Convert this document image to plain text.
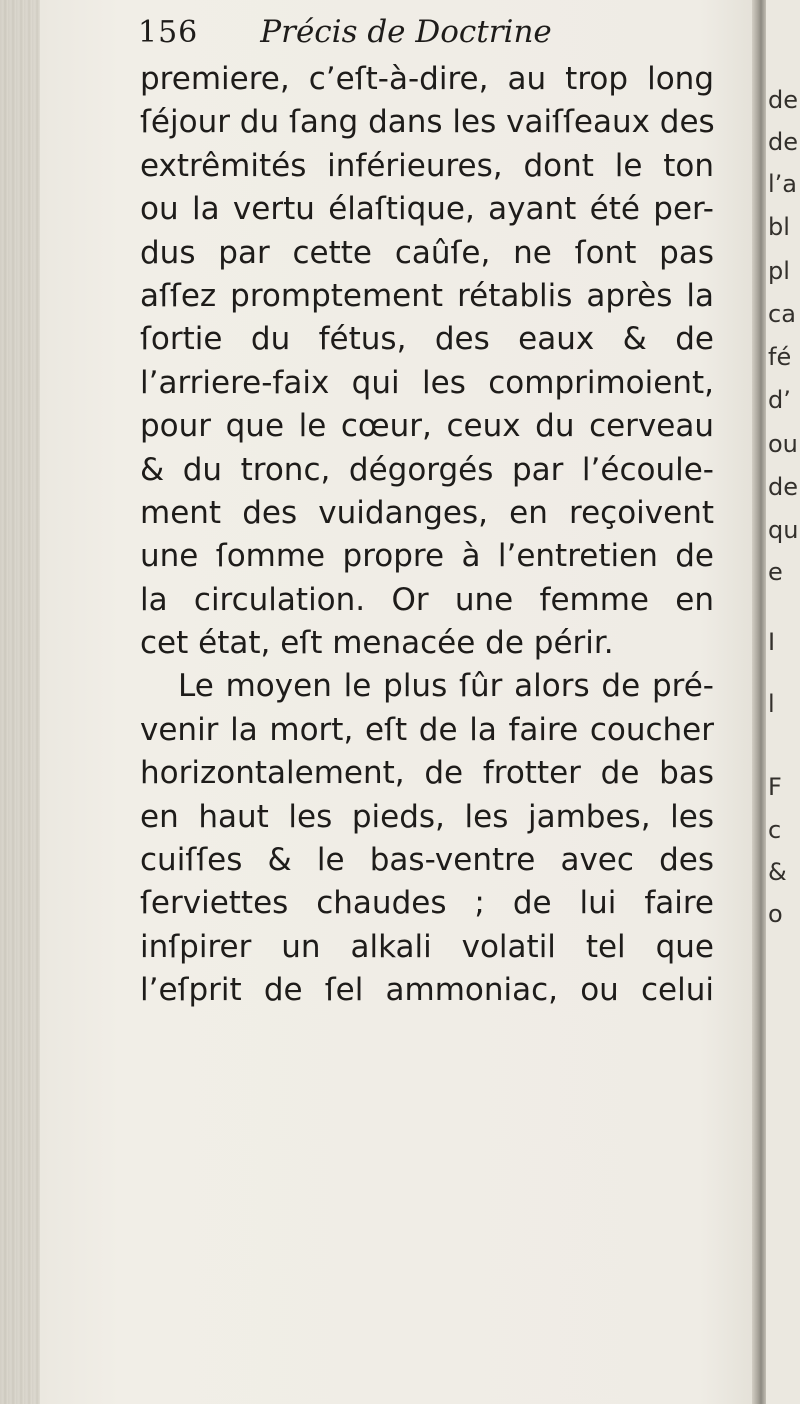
156 Précis de Doctrine
premiere, c’eſt-à-dire, au trop long
ſéjour du ſang dans les vaiſſeaux des
extrêmités inférieures, dont le ton
ou la vertu élaſtique, ayant été per-
dus par cette caûſe, ne ſont pas
aſſez promptement rétablis après la
ſortie du fétus, des eaux & de
l’arriere-faix qui les comprimoient,
pour que le cœur, ceux du cerveau
& du tronc, dégorgés par l’écoule-
ment des vuidanges, en reçoivent
une ſomme propre à l’entretien de
la circulation. Or une femme en
cet état, eſt menacée de périr.
Le moyen le plus ſûr alors de pré-
venir la mort, eſt de la faire coucher
horizontalement, de frotter de bas
en haut les pieds, les jambes, les
cuiſſes & le bas-ventre avec des
ſerviettes chaudes ; de lui faire
inſpirer un alkali volatil tel que
l’eſprit de ſel ammoniac, ou celui
de
de
l’a
bl
pl
ca
fé
d’
ou
de
qu
e
I
l
F
c
&
o
